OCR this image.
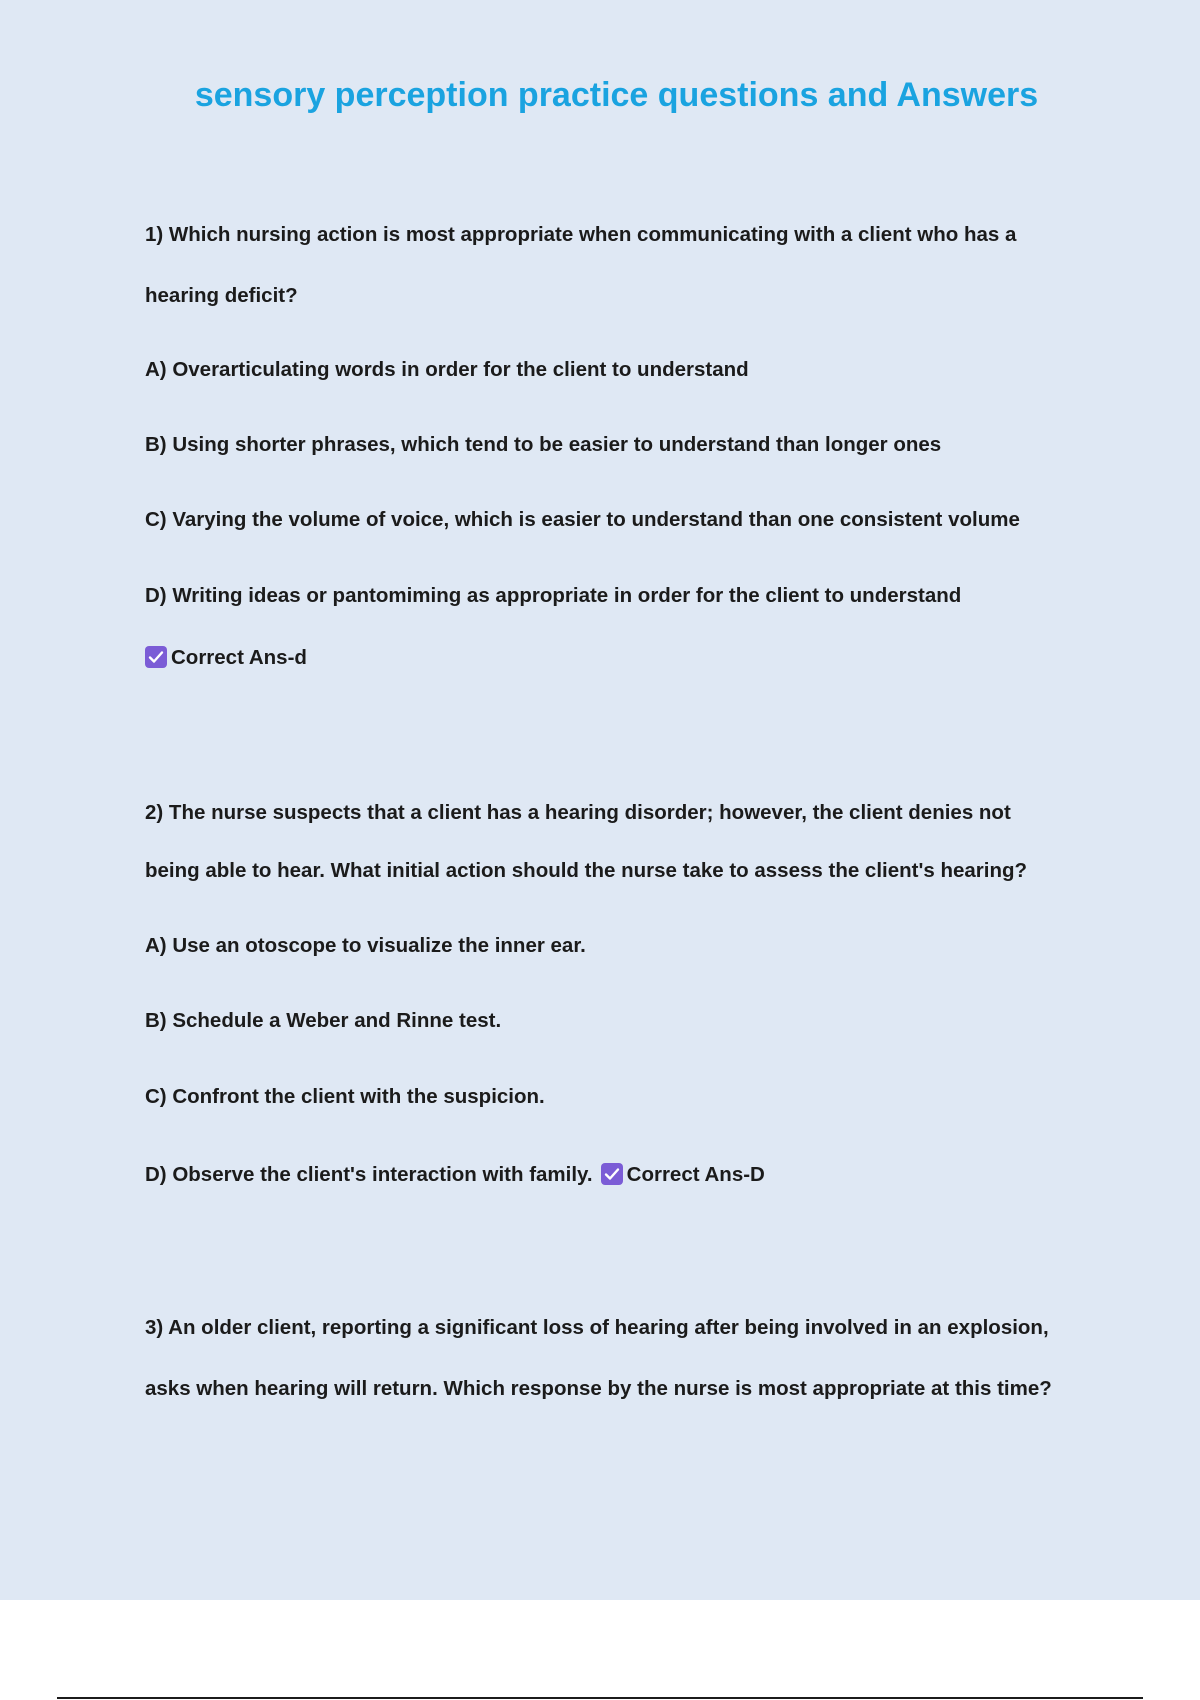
sensory perception practice questions and Answers
1) Which nursing action is most appropriate when communicating with a client who has a
hearing deficit?
A) Overarticulating words in order for the client to understand
B) Using shorter phrases, which tend to be easier to understand than longer ones
C) Varying the volume of voice, which is easier to understand than one consistent volume
D) Writing ideas or pantomiming as appropriate in order for the client to understand
Correct Ans-d
2) The nurse suspects that a client has a hearing disorder; however, the client denies not
being able to hear. What initial action should the nurse take to assess the client's hearing?
A) Use an otoscope to visualize the inner ear.
B) Schedule a Weber and Rinne test.
C) Confront the client with the suspicion.
D) Observe the client's interaction with family. Correct Ans-D
3) An older client, reporting a significant loss of hearing after being involved in an explosion,
asks when hearing will return. Which response by the nurse is most appropriate at this time?
